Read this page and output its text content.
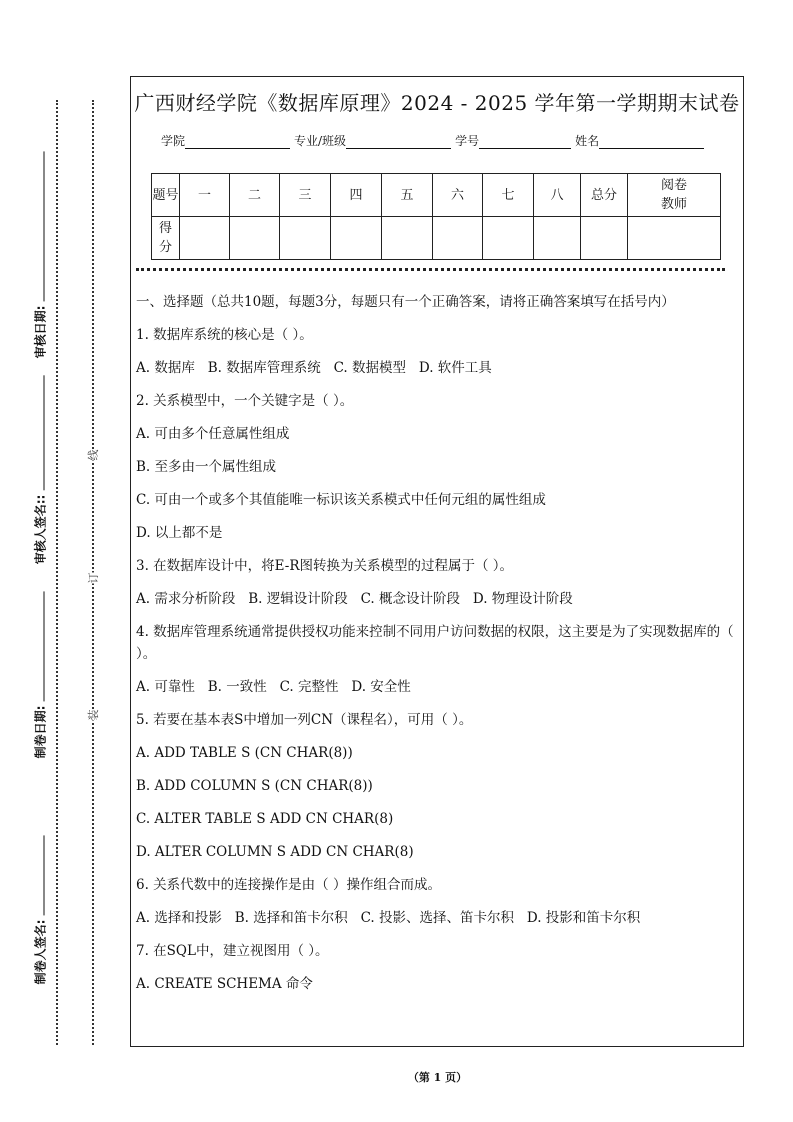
审核日期:
审核人签名::
制卷日期:
制卷人签名:
线
订
装
广西财经学院《数据库原理》2024 - 2025 学年第一学期期末试卷
学院	专业/班级	学号	姓名
题号	一	二	三	四	五	六	七	八	总分	阅卷教师
得分										
一、选择题（总共10题，每题3分，每题只有一个正确答案，请将正确答案填写在括号内）
1. 数据库系统的核心是（ ）。
A. 数据库   B. 数据库管理系统   C. 数据模型   D. 软件工具
2. 关系模型中，一个关键字是（ ）。
A. 可由多个任意属性组成
B. 至多由一个属性组成
C. 可由一个或多个其值能唯一标识该关系模式中任何元组的属性组成
D. 以上都不是
3. 在数据库设计中，将E-R图转换为关系模型的过程属于（ ）。
A. 需求分析阶段   B. 逻辑设计阶段   C. 概念设计阶段   D. 物理设计阶段
4. 数据库管理系统通常提供授权功能来控制不同用户访问数据的权限，这主要是为了实现数据库的（ ）。
A. 可靠性   B. 一致性   C. 完整性   D. 安全性
5. 若要在基本表S中增加一列CN（课程名），可用（ ）。
A. ADD TABLE S (CN CHAR(8))
B. ADD COLUMN S (CN CHAR(8))
C. ALTER TABLE S ADD CN CHAR(8)
D. ALTER COLUMN S ADD CN CHAR(8)
6. 关系代数中的连接操作是由（ ）操作组合而成。
A. 选择和投影   B. 选择和笛卡尔积   C. 投影、选择、笛卡尔积   D. 投影和笛卡尔积
7. 在SQL中，建立视图用（ ）。
A. CREATE SCHEMA 命令
（第 1 页）
